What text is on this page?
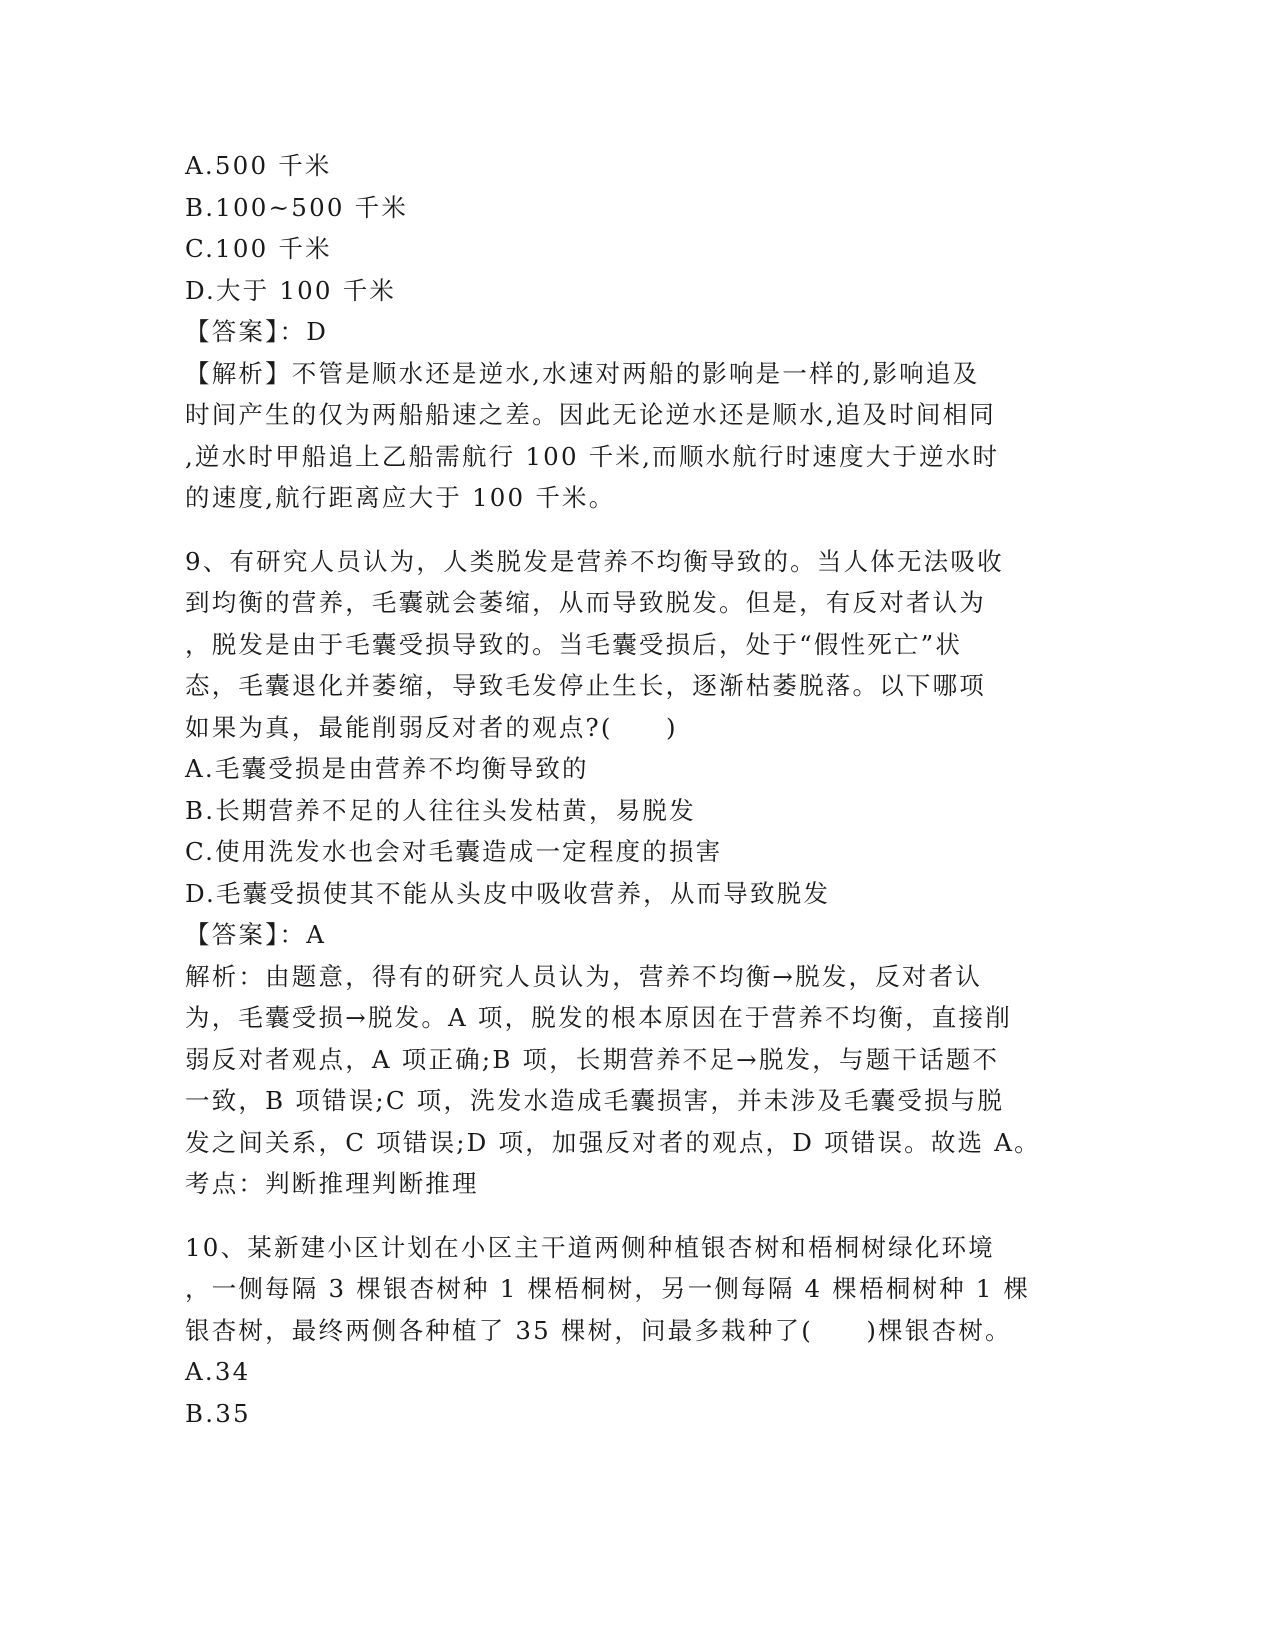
A.500 千米
B.100~500 千米
C.100 千米
D.大于 100 千米
【答案】：D
【解析】不管是顺水还是逆水,水速对两船的影响是一样的,影响追及
时间产生的仅为两船船速之差。因此无论逆水还是顺水,追及时间相同
,逆水时甲船追上乙船需航行 100 千米,而顺水航行时速度大于逆水时
的速度,航行距离应大于 100 千米。
9、有研究人员认为，人类脱发是营养不均衡导致的。当人体无法吸收
到均衡的营养，毛囊就会萎缩，从而导致脱发。但是，有反对者认为
，脱发是由于毛囊受损导致的。当毛囊受损后，处于“假性死亡”状
态，毛囊退化并萎缩，导致毛发停止生长，逐渐枯萎脱落。以下哪项
如果为真，最能削弱反对者的观点?(　　)
A.毛囊受损是由营养不均衡导致的
B.长期营养不足的人往往头发枯黄，易脱发
C.使用洗发水也会对毛囊造成一定程度的损害
D.毛囊受损使其不能从头皮中吸收营养，从而导致脱发
【答案】：A
解析：由题意，得有的研究人员认为，营养不均衡→脱发，反对者认
为，毛囊受损→脱发。A 项，脱发的根本原因在于营养不均衡，直接削
弱反对者观点，A 项正确;B 项，长期营养不足→脱发，与题干话题不
一致，B 项错误;C 项，洗发水造成毛囊损害，并未涉及毛囊受损与脱
发之间关系，C 项错误;D 项，加强反对者的观点，D 项错误。故选 A。
考点：判断推理判断推理
10、某新建小区计划在小区主干道两侧种植银杏树和梧桐树绿化环境
，一侧每隔 3 棵银杏树种 1 棵梧桐树，另一侧每隔 4 棵梧桐树种 1 棵
银杏树，最终两侧各种植了 35 棵树，问最多栽种了(　　)棵银杏树。
A.34
B.35
